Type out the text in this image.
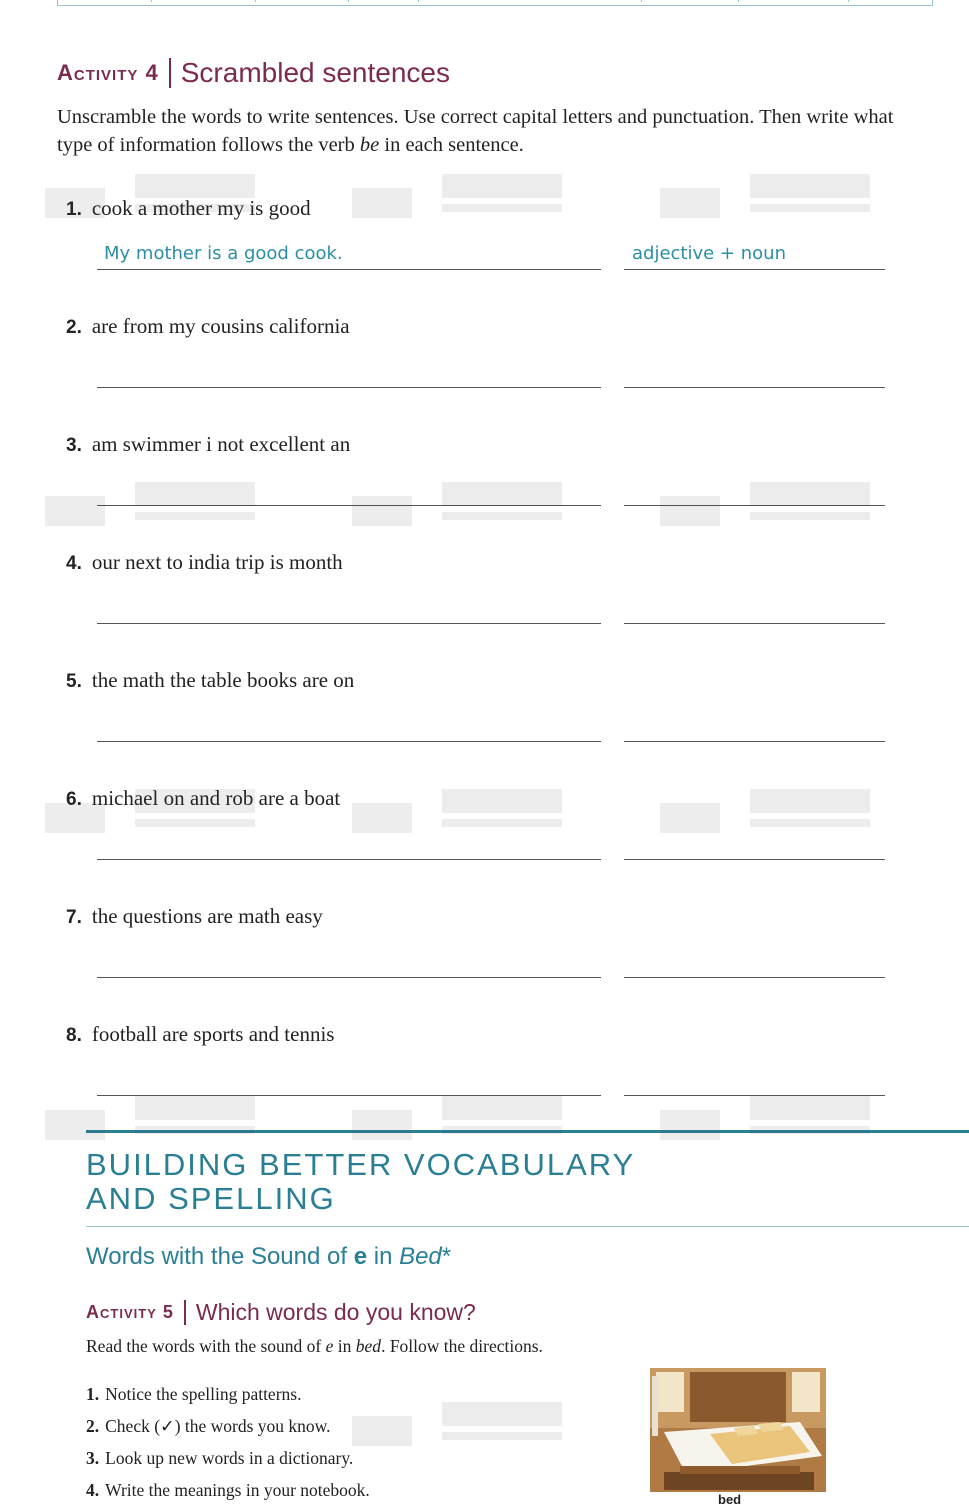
Activity 4 Scrambled sentences
Unscramble the words to write sentences. Use correct capital letters and punctuation. Then write what type of information follows the verb be in each sentence.
1. cook a mother my is good
My mother is a good cook.	adjective + noun
2. are from my cousins california
3. am swimmer i not excellent an
4. our next to india trip is month
5. the math the table books are on
6. michael on and rob are a boat
7. the questions are math easy
8. football are sports and tennis
BUILDING BETTER VOCABULARY
AND SPELLING
Words with the Sound of e in Bed*
Activity 5 Which words do you know?
Read the words with the sound of e in bed. Follow the directions.
1. Notice the spelling patterns.
2. Check (✓) the words you know.
3. Look up new words in a dictionary.
4. Write the meanings in your notebook.	bed
